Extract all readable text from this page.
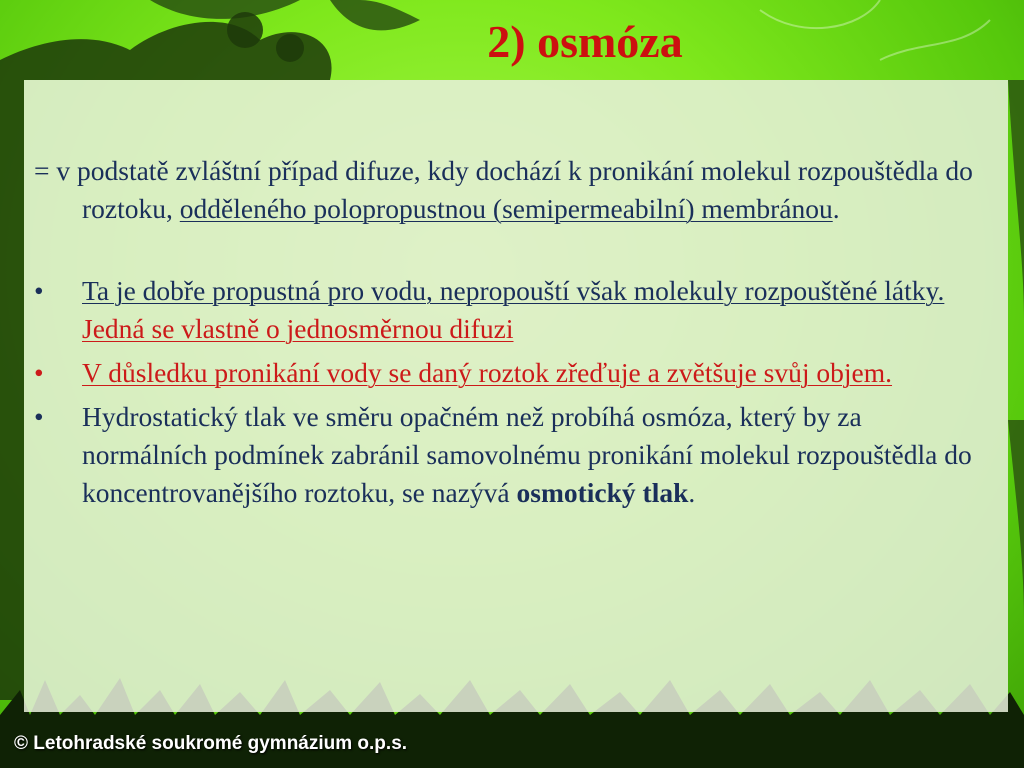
2) osmóza

= v podstatě zvláštní případ difuze, kdy dochází k pronikání molekul rozpouštědla do roztoku, odděleného polopropustnou (semipermeabilní) membránou.

• Ta je dobře propustná pro vodu, nepropouští však molekuly rozpouštěné látky. Jedná se vlastně o jednosměrnou difuzi

• V důsledku pronikání vody se daný roztok zřeďuje a zvětšuje svůj objem.

• Hydrostatický tlak ve směru opačném než probíhá osmóza, který by za normálních podmínek zabránil samovolnému pronikání molekul rozpouštědla do koncentrovanějšího roztoku, se nazývá osmotický tlak.

© Letohradské soukromé gymnázium o.p.s.
